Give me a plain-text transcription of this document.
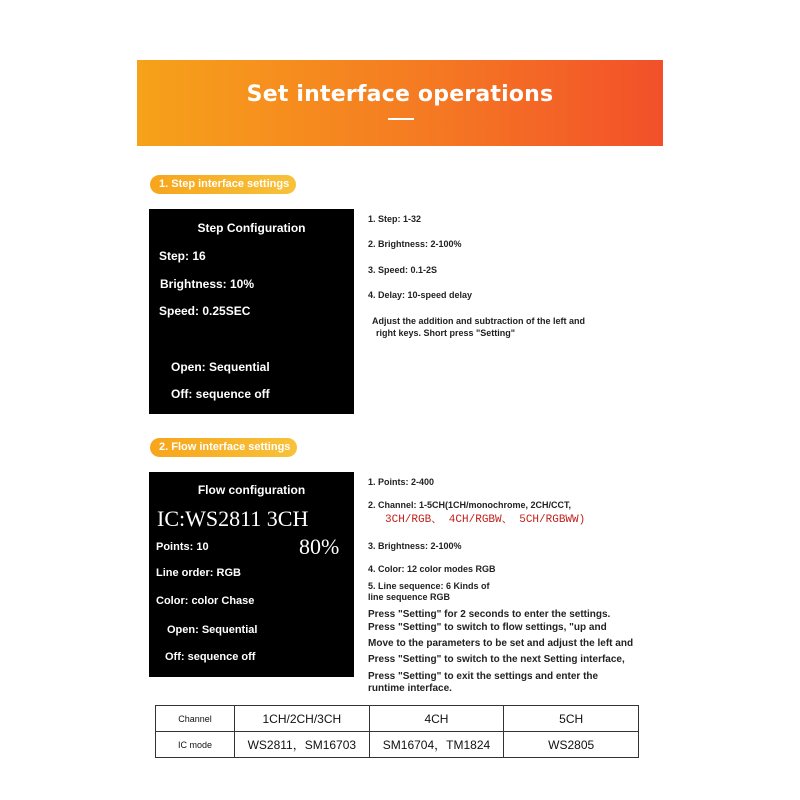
Set interface operations
1. Step interface settings
Step Configuration
Step: 16
Brightness: 10%
Speed: 0.25SEC
Open: Sequential
Off: sequence off
1. Step: 1-32
2. Brightness: 2-100%
3. Speed: 0.1-2S
4. Delay: 10-speed delay
Adjust the addition and subtraction of the left and
right keys. Short press "Setting"
2. Flow interface settings
Flow configuration
IC:WS2811 3CH
Points: 10	80%
Line order: RGB
Color: color Chase
Open: Sequential
Off: sequence off
1. Points: 2-400
2. Channel: 1-5CH(1CH/monochrome, 2CH/CCT,
3CH/RGB、 4CH/RGBW、 5CH/RGBWW)
3. Brightness: 2-100%
4. Color: 12 color modes RGB
5. Line sequence: 6 Kinds of
line sequence RGB
Press "Setting" for 2 seconds to enter the settings.
Press "Setting" to switch to flow settings, "up and
Move to the parameters to be set and adjust the left and
Press "Setting" to switch to the next Setting interface,
Press "Setting" to exit the settings and enter the
runtime interface.
Channel	1CH/2CH/3CH	4CH	5CH
IC mode	WS2811，SM16703	SM16704，TM1824	WS2805
